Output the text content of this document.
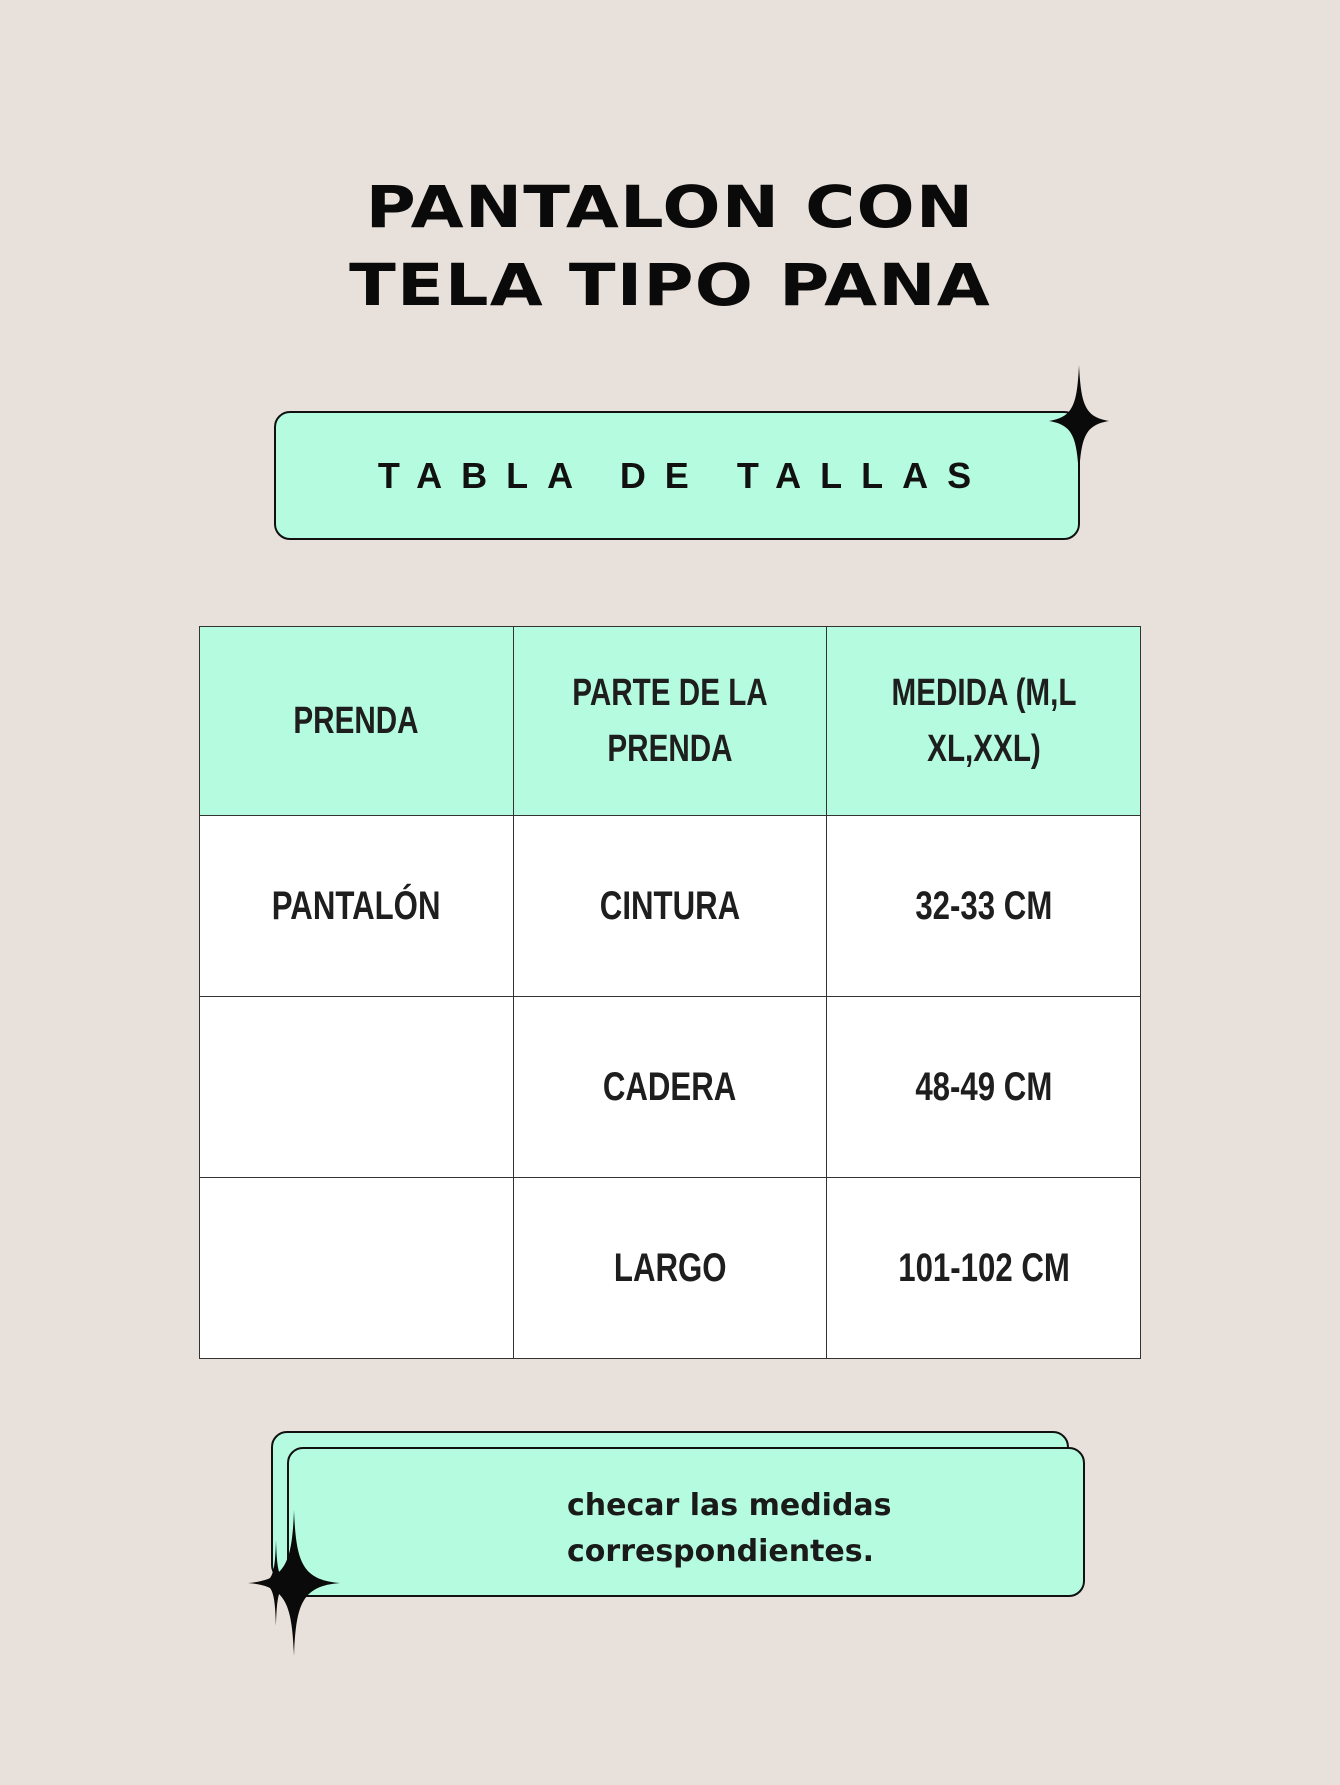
PANTALON CON
TELA TIPO PANA
TABLA DE TALLAS
PRENDA	PARTE DE LA PRENDA	MEDIDA (M,L XL,XXL)
PANTALÓN	CINTURA	32-33 CM
	CADERA	48-49 CM
	LARGO	101-102 CM
checar las medidas
correspondientes.
